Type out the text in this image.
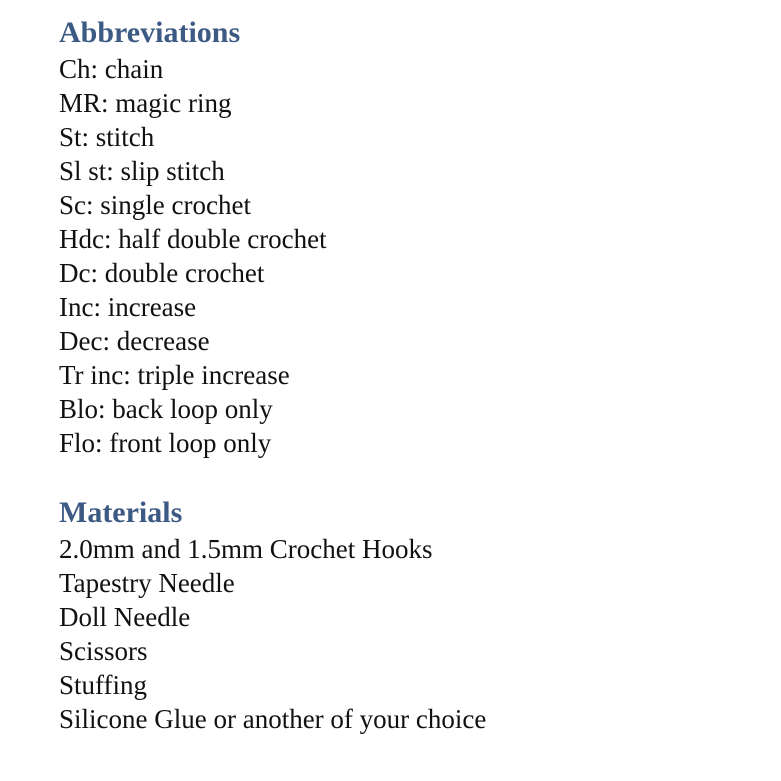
Abbreviations
Ch: chain
MR: magic ring
St: stitch
Sl st: slip stitch
Sc: single crochet
Hdc: half double crochet
Dc: double crochet
Inc: increase
Dec: decrease
Tr inc: triple increase
Blo: back loop only
Flo: front loop only
Materials
2.0mm and 1.5mm Crochet Hooks
Tapestry Needle
Doll Needle
Scissors
Stuffing
Silicone Glue or another of your choice
